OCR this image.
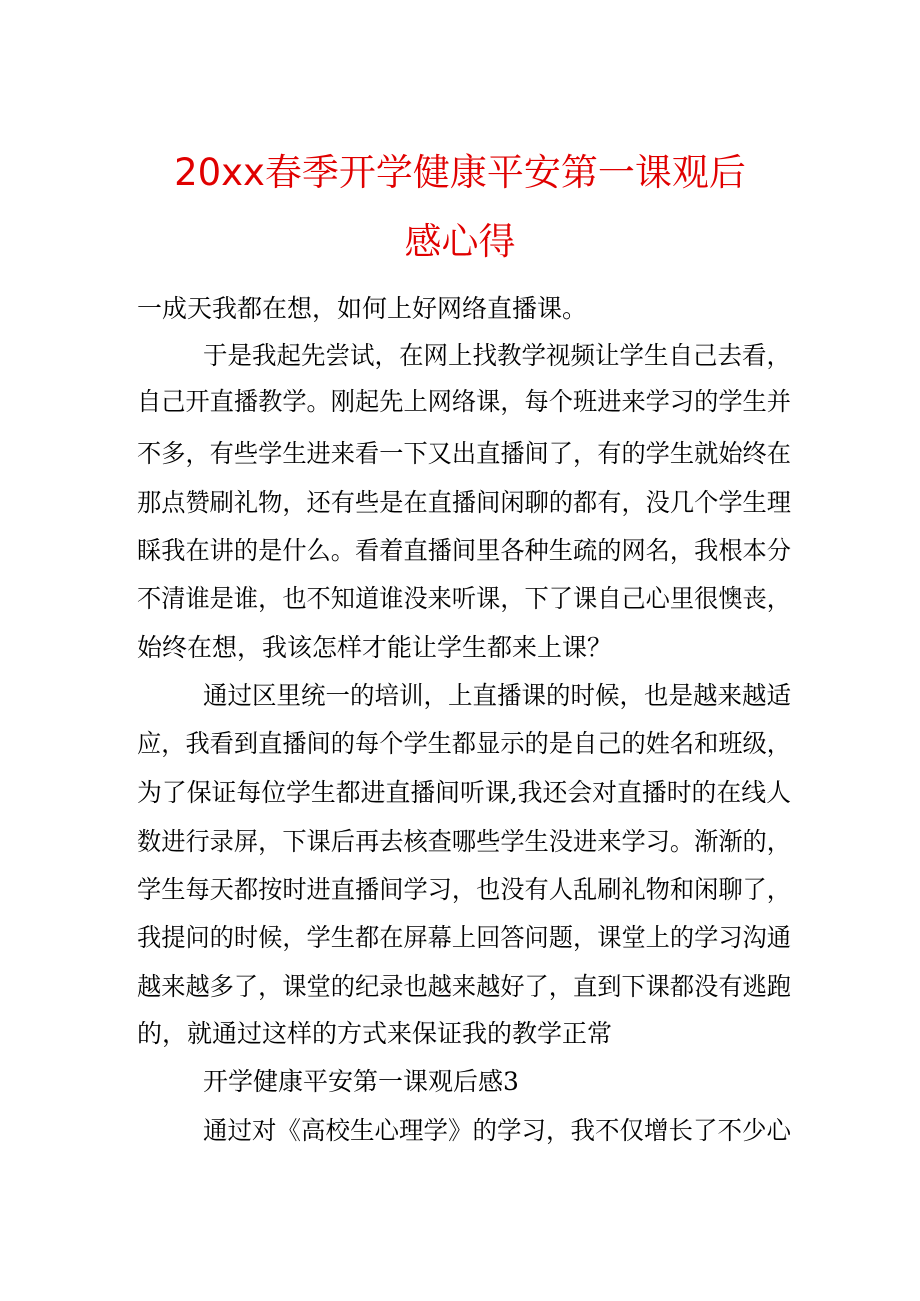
20xx春季开学健康平安第一课观后
感心得
一成天我都在想，如何上好网络直播课。
于是我起先尝试，在网上找教学视频让学生自己去看，
自己开直播教学。刚起先上网络课，每个班进来学习的学生并
不多，有些学生进来看一下又出直播间了，有的学生就始终在
那点赞刷礼物，还有些是在直播间闲聊的都有，没几个学生理
睬我在讲的是什么。看着直播间里各种生疏的网名，我根本分
不清谁是谁，也不知道谁没来听课，下了课自己心里很懊丧，
始终在想，我该怎样才能让学生都来上课？
通过区里统一的培训，上直播课的时候，也是越来越适
应，我看到直播间的每个学生都显示的是自己的姓名和班级，
为了保证每位学生都进直播间听课,我还会对直播时的在线人
数进行录屏，下课后再去核查哪些学生没进来学习。渐渐的，
学生每天都按时进直播间学习，也没有人乱刷礼物和闲聊了，
我提问的时候，学生都在屏幕上回答问题，课堂上的学习沟通
越来越多了，课堂的纪录也越来越好了，直到下课都没有逃跑
的，就通过这样的方式来保证我的教学正常
开学健康平安第一课观后感3
通过对《高校生心理学》的学习，我不仅增长了不少心
